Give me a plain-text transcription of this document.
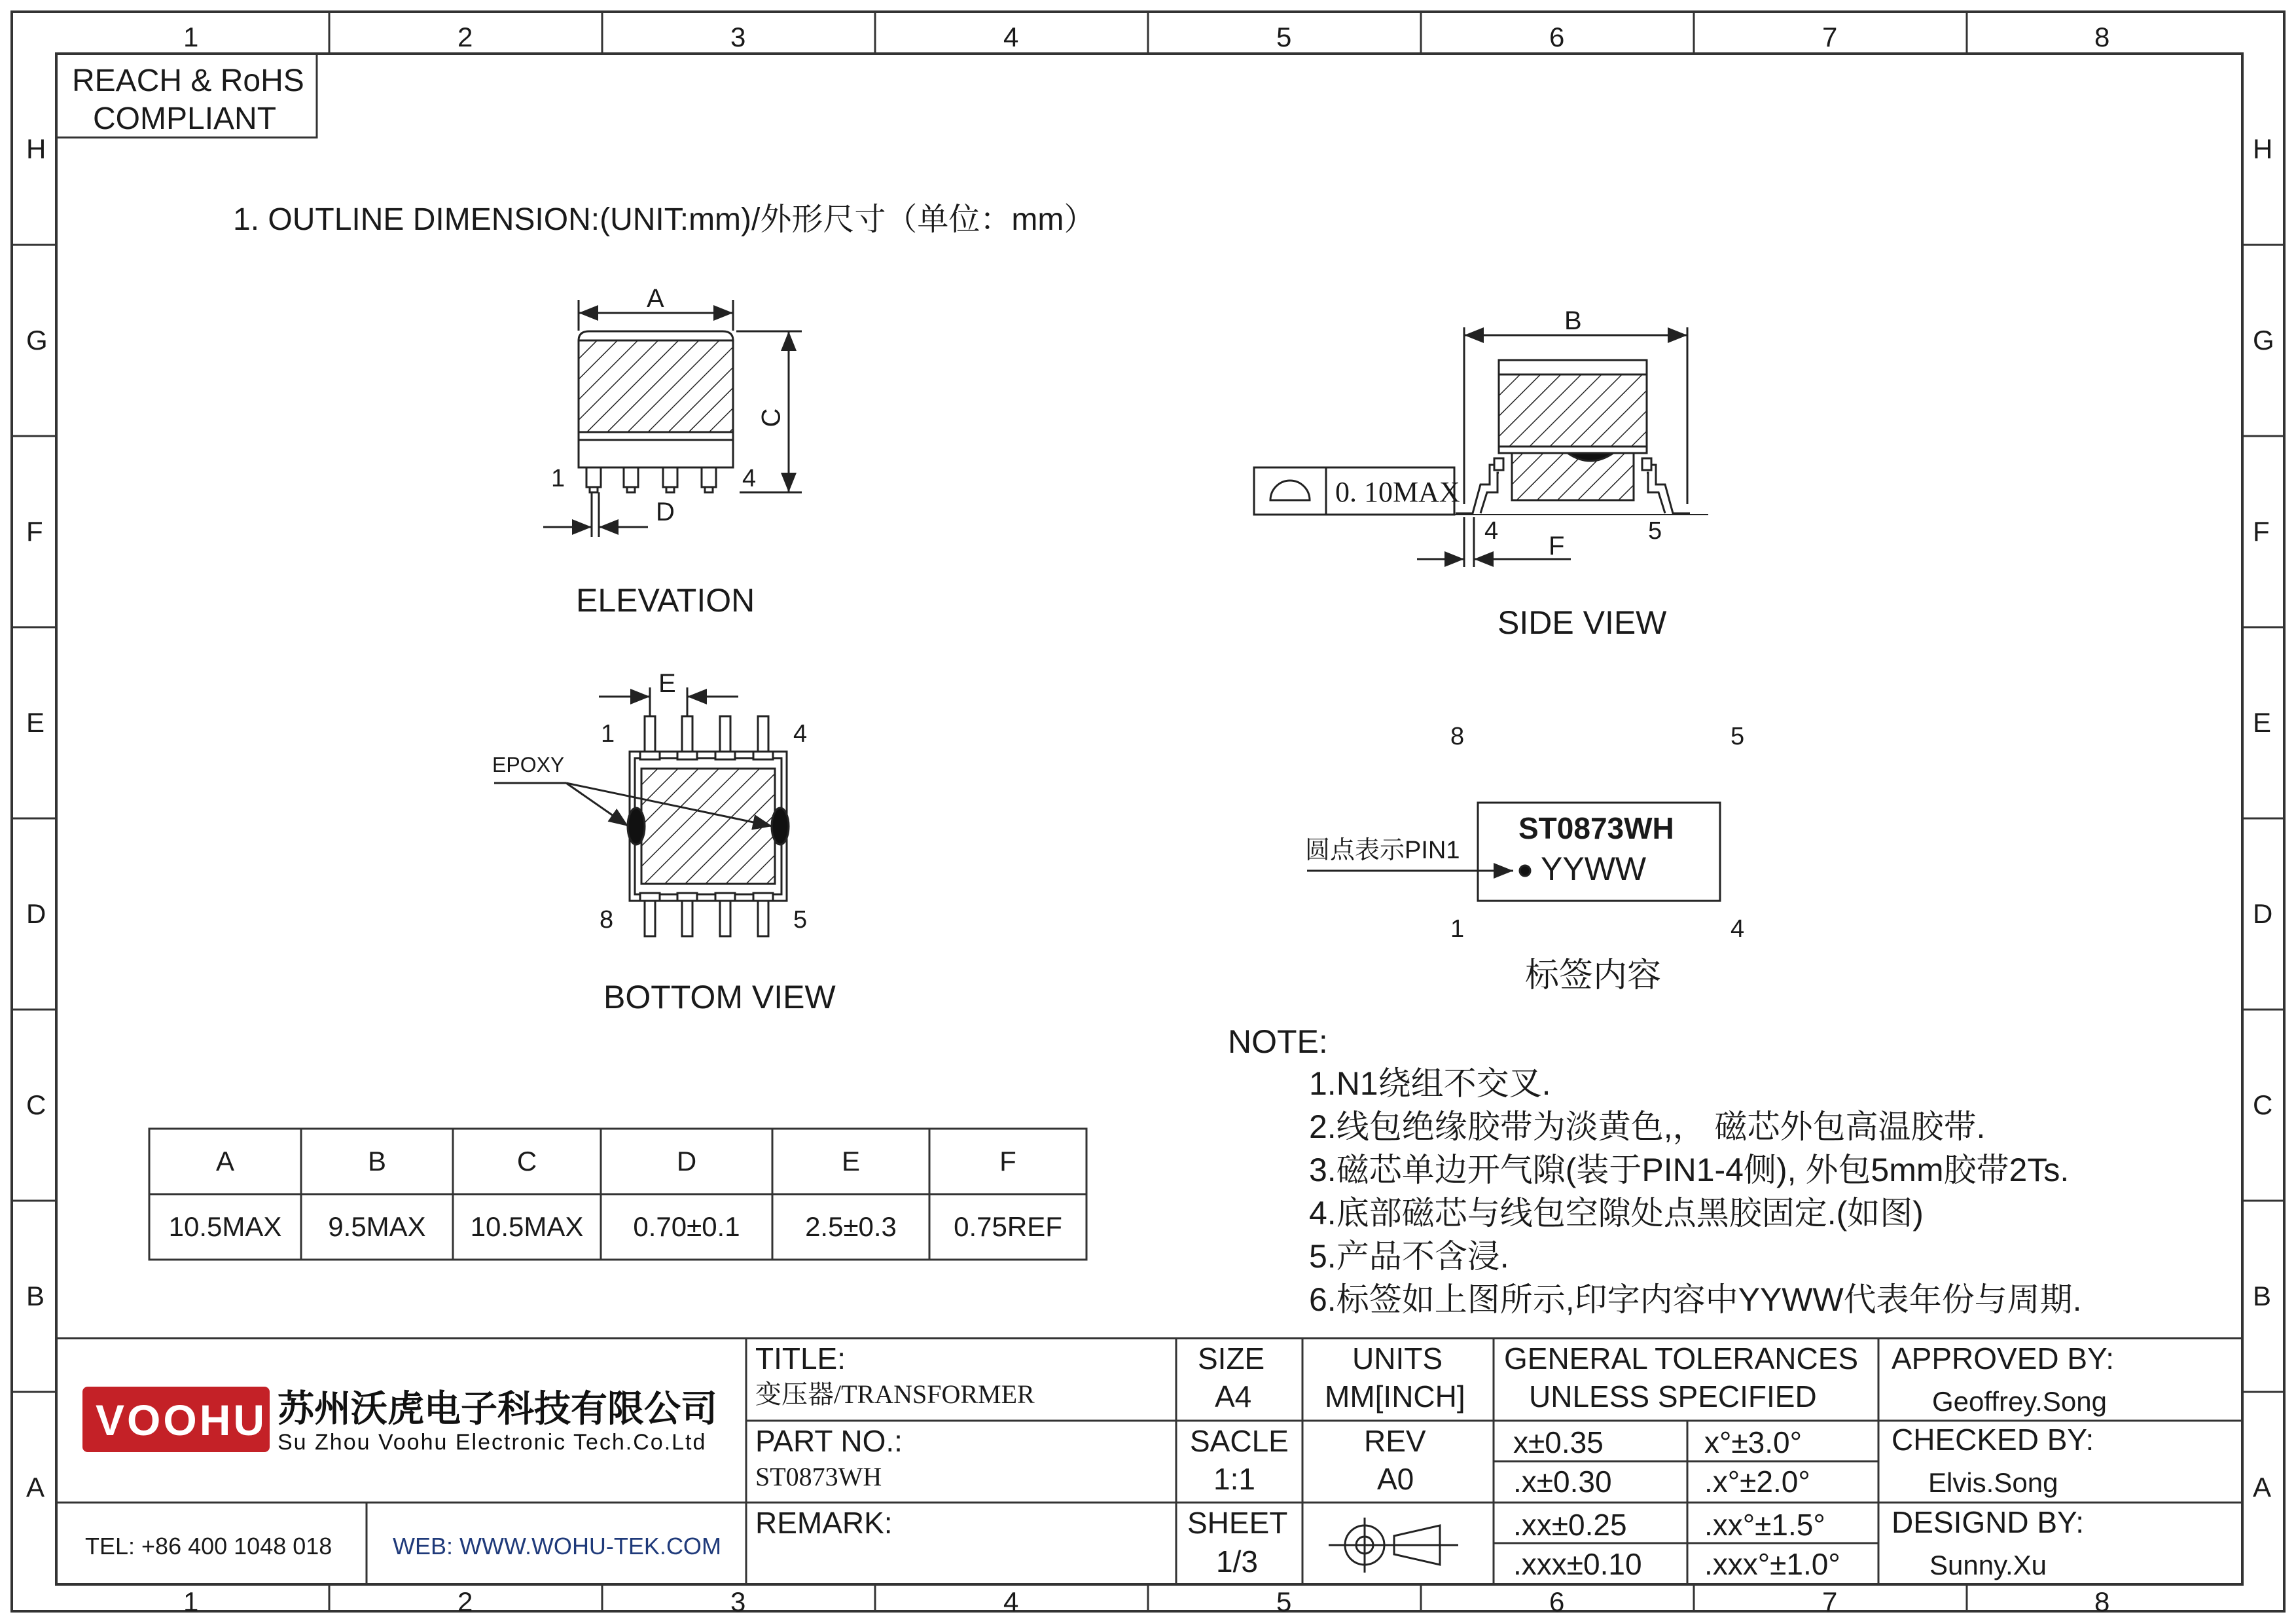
1	2	3	4	5	6	7	8
1	2	3	4	5	6	7	8
H
G
F
E
D
C
B
A
H
G
F
E
D
C
B
A
REACH & RoHS
COMPLIANT
1. OUTLINE DIMENSION:(UNIT:mm)/外形尺寸（单位：mm）
A
C
D
1	4
ELEVATION
B
F
4	5
0. 10MAX
SIDE VIEW
E
EPOXY
1	4
8	5
BOTTOM VIEW
8	5
1	4
ST0873WH
YYWW
圆点表示PIN1
标签内容
A	B	C	D	E	F
10.5MAX	9.5MAX	10.5MAX	0.70±0.1	2.5±0.3	0.75REF
NOTE:
1.N1绕组不交叉.
2.线包绝缘胶带为淡黄色,， 磁芯外包高温胶带.
3.磁芯单边开气隙(装于PIN1-4侧), 外包5mm胶带2Ts.
4.底部磁芯与线包空隙处点黑胶固定.(如图)
5.产品不含浸.
6.标签如上图所示,印字内容中YYWW代表年份与周期.
VOOHU 苏州沃虎电子科技有限公司
Su Zhou Voohu Electronic Tech.Co.Ltd
TEL: +86 400 1048 018	WEB: WWW.WOHU-TEK.COM
TITLE:
变压器/TRANSFORMER
PART NO.:
ST0873WH
REMARK:
SIZE
A4
SACLE
1:1
SHEET
1/3
UNITS
MM[INCH]
REV
A0
GENERAL TOLERANCES
UNLESS SPECIFIED
x±0.35	x°±3.0°
.x±0.30	.x°±2.0°
.xx±0.25	.xx°±1.5°
.xxx±0.10 .xxx°±1.0°
APPROVED BY:
Geoffrey.Song
CHECKED BY:
Elvis.Song
DESIGND BY:
Sunny.Xu
